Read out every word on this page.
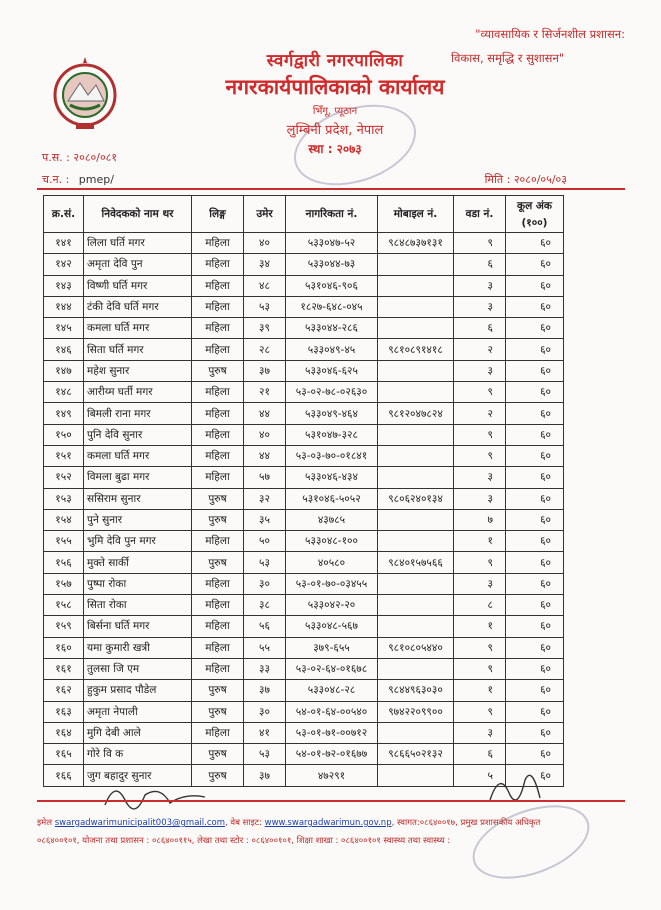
"व्यावसायिक र सिर्जनशील प्रशासन:
विकास, समृद्धि र सुशासन"
स्वर्गद्वारी नगरपालिका
नगरकार्यपालिकाको कार्यालय
भिँगू, प्यूठान
लुम्बिनी प्रदेश, नेपाल
स्था : २०७३
प.स. : २०८०/०८१
च.न. : pmep/	मिति : २०८०/०५/०३
क्र.सं.	निवेदकको नाम थर	लिङ्ग	उमेर	नागरिकता नं.	मोबाइल नं.	वडा नं.	कूल अंक
(१००)

१४१	लिला घर्ति मगर	महिला	४०	५३३०४७-५२	९८४८७३७१३१	९	६०
१४२	अमृता देवि पुन	महिला	३४	५३३०४४-७३		६	६०
१४३	विष्णी घर्ति मगर	महिला	४८	५३१०४६-९०६		३	६०
१४४	टंकी देवि घर्ति मगर	महिला	५३	१८२७-६४८-०४५		३	६०
१४५	कमला घर्ति मगर	महिला	३९	५३३०४४-२८६		६	६०
१४६	सिता घर्ति मगर	महिला	२८	५३३०४९-४५	९८१०८९१४१८	२	६०
१४७	महेश सुनार	पुरुष	३७	५३३०४६-६२५		३	६०
१४८	आरीय्म घर्ती मगर	महिला	२१	५३-०२-७८-०२६३०		९	६०
१४९	बिमली राना मगर	महिला	४४	५३३०४९-४६४	९८१२०४७८२४	२	६०
१५०	पुनि देवि सुनार	महिला	४०	५३१०४७-३२८		९	६०
१५१	कमला घर्ति मगर	महिला	४४	५३-०३-७०-०१८४१		९	६०
१५२	विमला बुढा मगर	महिला	५७	५३३०४६-४३४		३	६०
१५३	ससिराम सुनार	पुरुष	३२	५३१०४६-५०५२	९८०६२४०१३४	३	६०
१५४	पुने सुनार	पुरुष	३५	४३७८५		७	६०
१५५	भुमि देवि पुन मगर	महिला	५०	५३३०४८-१००		१	६०
१५६	मुक्ते सार्की	पुरुष	५३	४०५८०	९८४०१५७५६६	९	६०
१५७	पुष्पा रोका	महिला	३०	५३-०१-७०-०३४५५		३	६०
१५८	सिता रोका	महिला	३८	५३३०४२-२०		८	६०
१५९	बिर्सना घर्ति मगर	महिला	५६	५३३०४८-५६७		१	६०
१६०	यमा कुमारी खत्री	महिला	५५	३७९-६५५	९८१०८०५४४०	९	६०
१६१	तुलसा जि एम	महिला	३३	५३-०२-६४-०१६७८		९	६०
१६२	हुकुम प्रसाद पौडेल	पुरुष	३७	५३३०४८-२८	९८४४९६३०३०	१	६०
१६३	अमृता नेपाली	पुरुष	३०	५४-०१-६४-००५४०	९७४२२०९९००	९	६०
१६४	मुगि देबी आले	महिला	४१	५३-०१-७१-००७१२		३	६०
१६५	गोरे वि क	पुरुष	५३	५४-०१-७२-०१६७७	९८६६५०२१३२	६	६०
१६६	जुग बहादुर सुनार	पुरुष	३७	४७२९१		५	६०
इमेल swargadwarimunicipalit003@gmail.com, वेब साइट: www.swargadwarimun.gov.np, स्वागत:०८६४००१७, प्रमुख प्रशासकीय अधिकृत
०८६४००१०१, योजना तथा प्रशासन : ०८६४००११५, लेखा तथा स्टोर : ०८६४००१०१, शिक्षा शाखा : ०८६४००१०१ स्वास्थ्य तथा स्वास्थ्य :
